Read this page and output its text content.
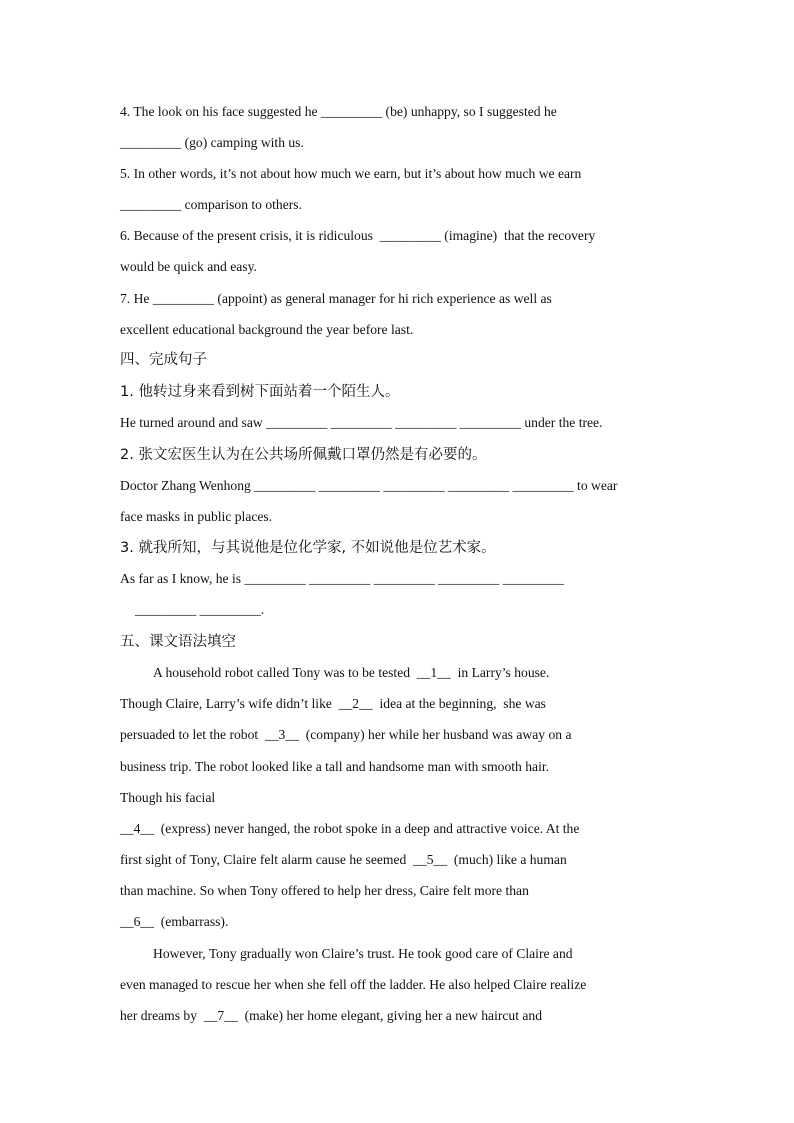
4. The look on his face suggested he _________ (be) unhappy, so I suggested he
_________ (go) camping with us.
5. In other words, it’s not about how much we earn, but it’s about how much we earn
_________ comparison to others.
6. Because of the present crisis, it is ridiculous  _________ (imagine)  that the recovery
would be quick and easy.
7. He _________ (appoint) as general manager for hi rich experience as well as
excellent educational background the year before last.
四、完成句子
1. 他转过身来看到树下面站着一个陌生人。
He turned around and saw _________ _________ _________ _________ under the tree.
2. 张文宏医生认为在公共场所佩戴口罩仍然是有必要的。
Doctor Zhang Wenhong _________ _________ _________ _________ _________ to wear
face masks in public places.
3. 就我所知，与其说他是位化学家, 不如说他是位艺术家。
As far as I know, he is _________ _________ _________ _________ _________
_________ _________.
五、课文语法填空
A household robot called Tony was to be tested  __1__  in Larry’s house.
Though Claire, Larry’s wife didn’t like  __2__  idea at the beginning,  she was
persuaded to let the robot  __3__  (company) her while her husband was away on a
business trip. The robot looked like a tall and handsome man with smooth hair.
Though his facial
__4__  (express) never hanged, the robot spoke in a deep and attractive voice. At the
first sight of Tony, Claire felt alarm cause he seemed  __5__  (much) like a human
than machine. So when Tony offered to help her dress, Caire felt more than
__6__  (embarrass).
However, Tony gradually won Claire’s trust. He took good care of Claire and
even managed to rescue her when she fell off the ladder. He also helped Claire realize
her dreams by  __7__  (make) her home elegant, giving her a new haircut and
